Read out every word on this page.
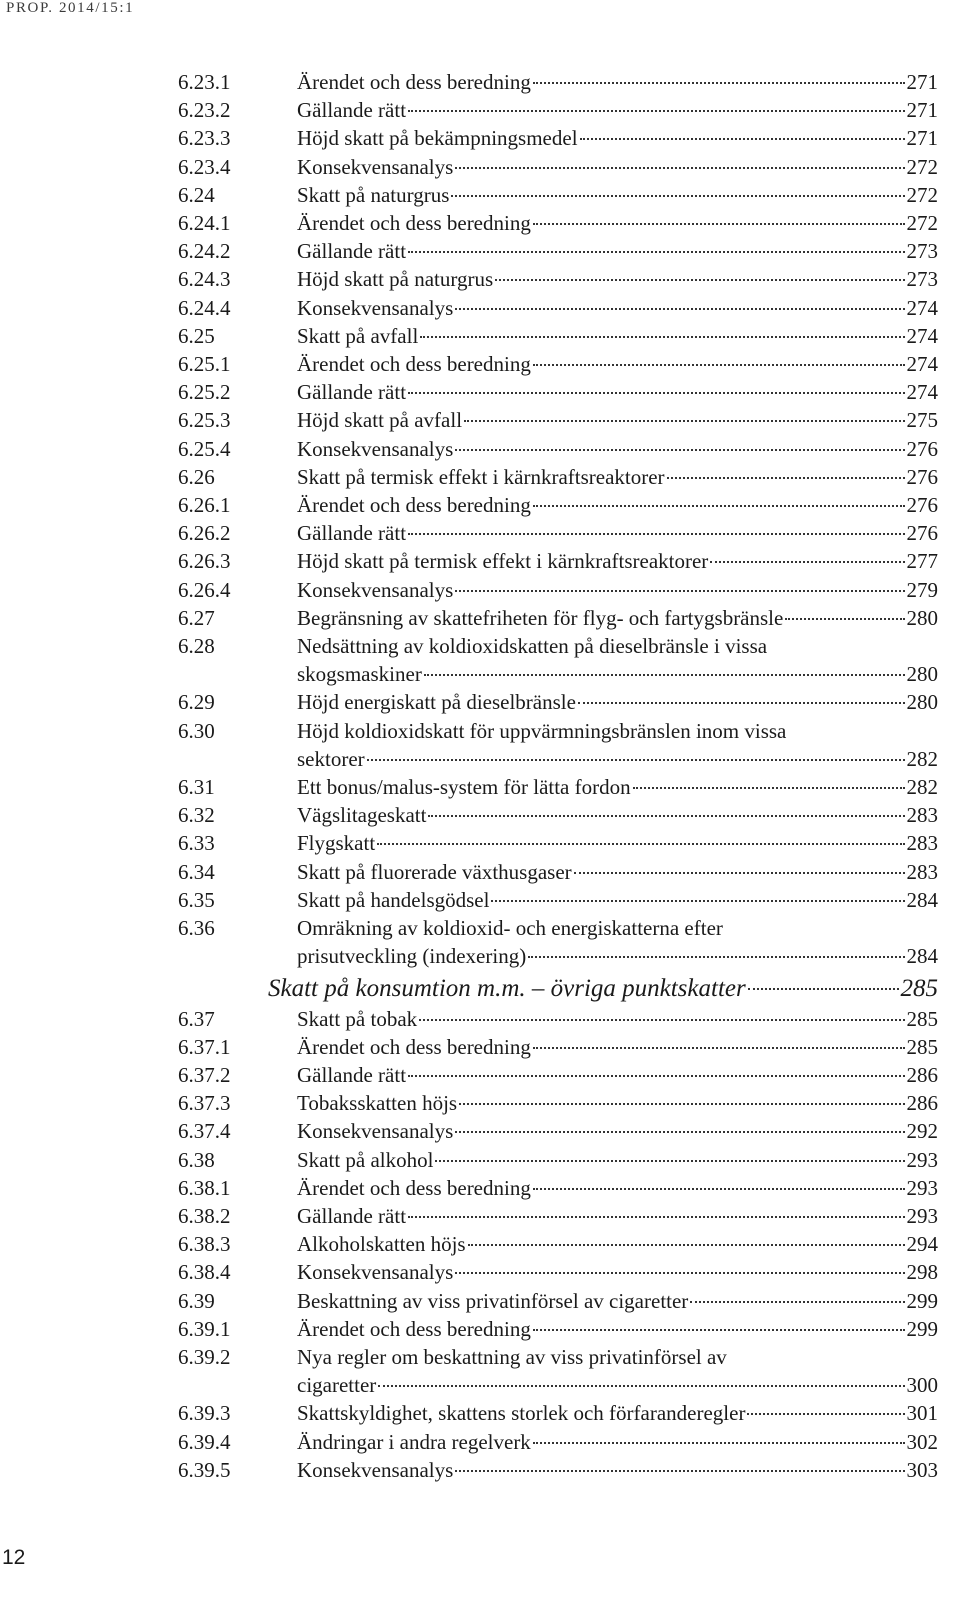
PROP. 2014/15:1
6.23.1	Ärendet och dess beredning	271
6.23.2	Gällande rätt	271
6.23.3	Höjd skatt på bekämpningsmedel	271
6.23.4	Konsekvensanalys	272
6.24	Skatt på naturgrus	272
6.24.1	Ärendet och dess beredning	272
6.24.2	Gällande rätt	273
6.24.3	Höjd skatt på naturgrus	273
6.24.4	Konsekvensanalys	274
6.25	Skatt på avfall	274
6.25.1	Ärendet och dess beredning	274
6.25.2	Gällande rätt	274
6.25.3	Höjd skatt på avfall	275
6.25.4	Konsekvensanalys	276
6.26	Skatt på termisk effekt i kärnkraftsreaktorer	276
6.26.1	Ärendet och dess beredning	276
6.26.2	Gällande rätt	276
6.26.3	Höjd skatt på termisk effekt i kärnkraftsreaktorer	277
6.26.4	Konsekvensanalys	279
6.27	Begränsning av skattefriheten för flyg- och fartygsbränsle	280
6.28	Nedsättning av koldioxidskatten på dieselbränsle i vissa
skogsmaskiner	280
6.29	Höjd energiskatt på dieselbränsle	280
6.30	Höjd koldioxidskatt för uppvärmningsbränslen inom vissa
sektorer	282
6.31	Ett bonus/malus-system för lätta fordon	282
6.32	Vägslitageskatt	283
6.33	Flygskatt	283
6.34	Skatt på fluorerade växthusgaser	283
6.35	Skatt på handelsgödsel	284
6.36	Omräkning av koldioxid- och energiskatterna efter
prisutveckling (indexering)	284
Skatt på konsumtion m.m. – övriga punktskatter	285
6.37	Skatt på tobak	285
6.37.1	Ärendet och dess beredning	285
6.37.2	Gällande rätt	286
6.37.3	Tobaksskatten höjs	286
6.37.4	Konsekvensanalys	292
6.38	Skatt på alkohol	293
6.38.1	Ärendet och dess beredning	293
6.38.2	Gällande rätt	293
6.38.3	Alkoholskatten höjs	294
6.38.4	Konsekvensanalys	298
6.39	Beskattning av viss privatinförsel av cigaretter	299
6.39.1	Ärendet och dess beredning	299
6.39.2	Nya regler om beskattning av viss privatinförsel av
cigaretter	300
6.39.3	Skattskyldighet, skattens storlek och förfaranderegler	301
6.39.4	Ändringar i andra regelverk	302
6.39.5	Konsekvensanalys	303
12
